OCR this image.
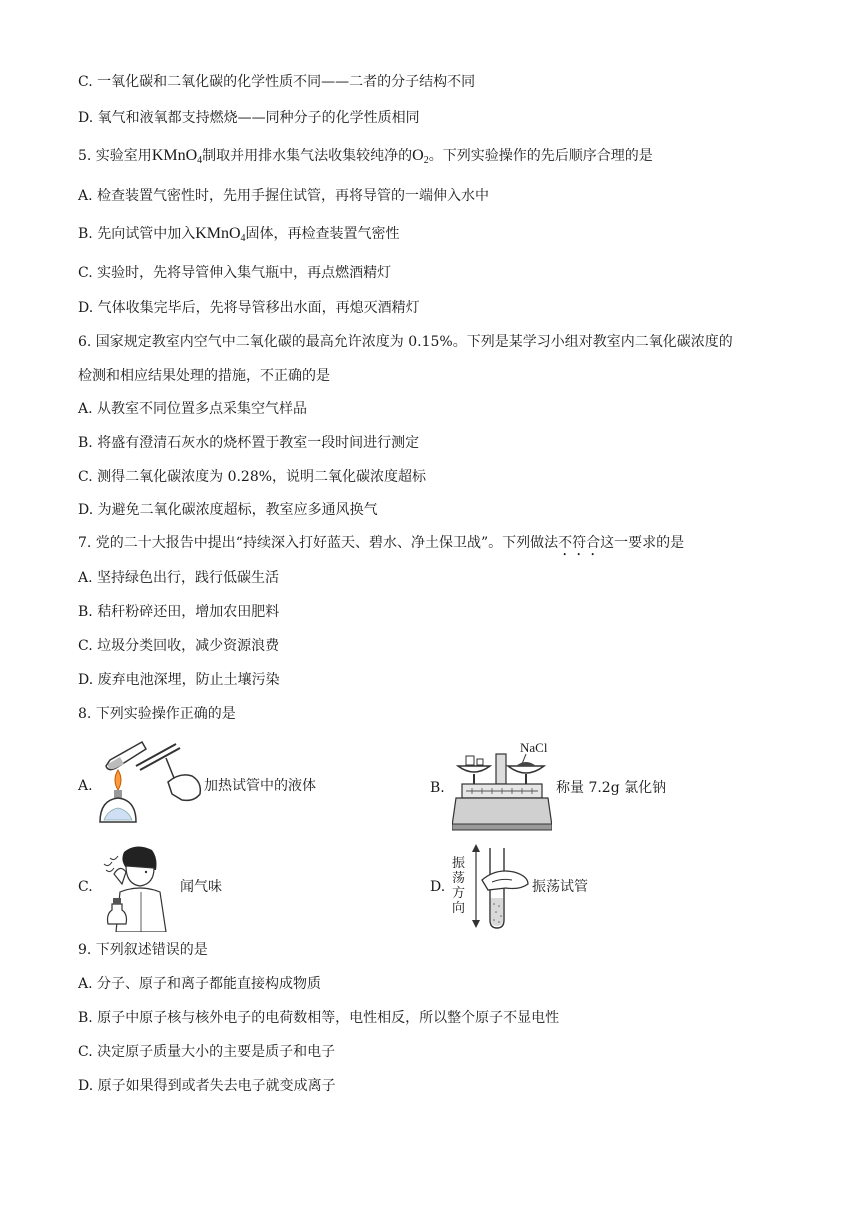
C. 一氧化碳和二氧化碳的化学性质不同——二者的分子结构不同
D. 氧气和液氧都支持燃烧——同种分子的化学性质相同
5. 实验室用KMnO$_4$制取并用排水集气法收集较纯净的$O_2$。下列实验操作的先后顺序合理的是
A. 检查装置气密性时，先用手握住试管，再将导管的一端伸入水中
B. 先向试管中加入KMnO$_4$固体，再检查装置气密性
C. 实验时，先将导管伸入集气瓶中，再点燃酒精灯
D. 气体收集完毕后，先将导管移出水面，再熄灭酒精灯
6. 国家规定教室内空气中二氧化碳的最高允许浓度为 0.15%。下列是某学习小组对教室内二氧化碳浓度的
检测和相应结果处理的措施，不正确的是
A. 从教室不同位置多点采集空气样品
B. 将盛有澄清石灰水的烧杯置于教室一段时间进行测定
C. 测得二氧化碳浓度为 0.28%，说明二氧化碳浓度超标
D. 为避免二氧化碳浓度超标，教室应多通风换气
7. 党的二十大报告中提出“持续深入打好蓝天、碧水、净土保卫战”。下列做法不符合这一要求的是
A. 坚持绿色出行，践行低碳生活
B. 秸秆粉碎还田，增加农田肥料
C. 垃圾分类回收，减少资源浪费
D. 废弃电池深埋，防止土壤污染
8. 下列实验操作正确的是
A.	加热试管中的液体	B.
NaCl
称量 7.2g 氯化钠
C.	闻气味	D.
振荡方向
振荡试管
9. 下列叙述错误的是
A. 分子、原子和离子都能直接构成物质
B. 原子中原子核与核外电子的电荷数相等，电性相反，所以整个原子不显电性
C. 决定原子质量大小的主要是质子和电子
D. 原子如果得到或者失去电子就变成离子
